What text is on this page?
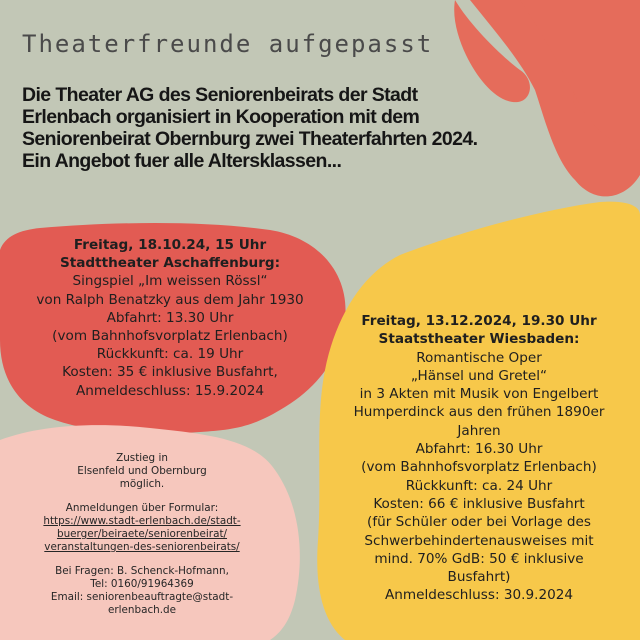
Theaterfreunde aufgepasst

Die Theater AG des Seniorenbeirats der Stadt Erlenbach organisiert in Kooperation mit dem Seniorenbeirat Obernburg zwei Theaterfahrten 2024. Ein Angebot fuer alle Altersklassen...

Freitag, 18.10.24, 15 Uhr
Stadttheater Aschaffenburg:
Singspiel „Im weissen Rössl“
von Ralph Benatzky aus dem Jahr 1930
Abfahrt: 13.30 Uhr
(vom Bahnhofsvorplatz Erlenbach)
Rückkunft: ca. 19 Uhr
Kosten: 35 € inklusive Busfahrt,
Anmeldeschluss: 15.9.2024
Freitag, 13.12.2024, 19.30 Uhr
Staatstheater Wiesbaden:
Romantische Oper
„Hänsel und Gretel“
in 3 Akten mit Musik von Engelbert
Humperdinck aus den frühen 1890er
Jahren
Abfahrt: 16.30 Uhr
(vom Bahnhofsvorplatz Erlenbach)
Rückkunft: ca. 24 Uhr
Kosten: 66 € inklusive Busfahrt
(für Schüler oder bei Vorlage des
Schwerbehindertenausweises mit
mind. 70% GdB: 50 € inklusive
Busfahrt)
Anmeldeschluss: 30.9.2024
Zustieg in
Elsenfeld und Obernburg
möglich.
Anmeldungen über Formular:
https://www.stadt-erlenbach.de/stadt-
buerger/beiraete/seniorenbeirat/
veranstaltungen-des-seniorenbeirats/
Bei Fragen: B. Schenck-Hofmann,
Tel: 0160/91964369
Email: seniorenbeauftragte@stadt-
erlenbach.de
